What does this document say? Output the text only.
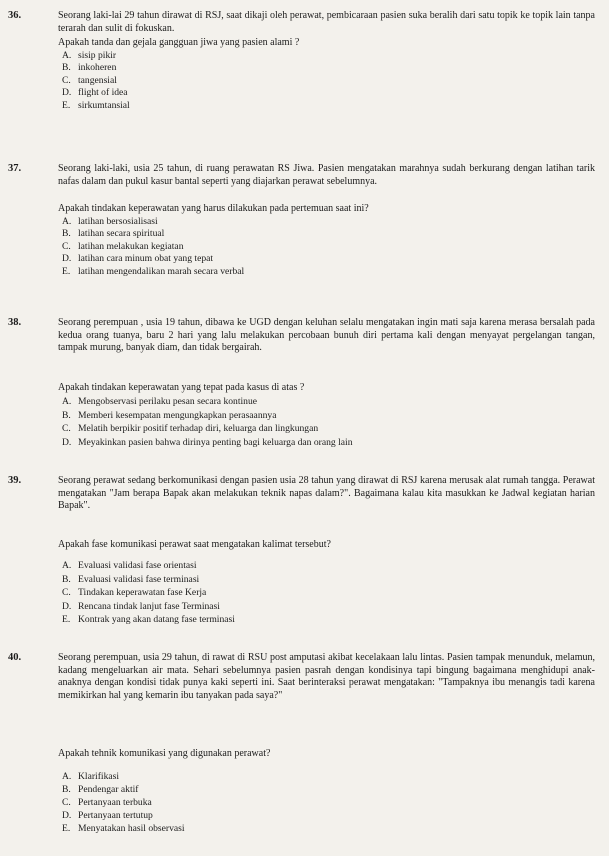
36.	Seorang laki-lai 29 tahun dirawat di RSJ, saat dikaji oleh perawat, pembicaraan pasien suka beralih dari satu topik ke topik lain tanpa terarah dan sulit di fokuskan.
Apakah tanda dan gejala gangguan jiwa yang pasien alami ?
A. sisip pikir
B. inkoheren
C. tangensial
D. flight of idea
E. sirkumtansial
37.	Seorang laki-laki, usia 25 tahun, di ruang perawatan RS Jiwa. Pasien mengatakan marahnya sudah berkurang dengan latihan tarik nafas dalam dan pukul kasur bantal seperti yang diajarkan perawat sebelumnya.
Apakah tindakan keperawatan yang harus dilakukan pada pertemuan saat ini?
A. latihan bersosialisasi
B. latihan secara spiritual
C. latihan melakukan kegiatan
D. latihan cara minum obat yang tepat
E. latihan mengendalikan marah secara verbal
38.	Seorang perempuan , usia 19 tahun, dibawa ke UGD dengan keluhan selalu mengatakan ingin mati saja karena merasa bersalah pada kedua orang tuanya, baru 2 hari yang lalu melakukan percobaan bunuh diri pertama kali dengan menyayat pergelangan tangan, tampak murung, banyak diam, dan tidak bergairah.
Apakah tindakan keperawatan yang tepat pada kasus di atas ?
A. Mengobservasi perilaku pesan secara kontinue
B. Memberi kesempatan mengungkapkan perasaannya
C. Melatih berpikir positif terhadap diri, keluarga dan lingkungan
D. Meyakinkan pasien bahwa dirinya penting bagi keluarga dan orang lain
39.	Seorang perawat sedang berkomunikasi dengan pasien usia 28 tahun yang dirawat di RSJ karena merusak alat rumah tangga. Perawat mengatakan "Jam berapa Bapak akan melakukan teknik napas dalam?". Bagaimana kalau kita masukkan ke Jadwal kegiatan harian Bapak".
Apakah fase komunikasi perawat saat mengatakan kalimat tersebut?
A. Evaluasi validasi fase orientasi
B. Evaluasi validasi fase terminasi
C. Tindakan keperawatan fase Kerja
D. Rencana tindak lanjut fase Terminasi
E. Kontrak yang akan datang fase terminasi
40.	Seorang perempuan, usia 29 tahun, di rawat di RSU post amputasi akibat kecelakaan lalu lintas. Pasien tampak menunduk, melamun, kadang mengeluarkan air mata. Sehari sebelumnya pasien pasrah dengan kondisinya tapi bingung bagaimana menghidupi anak-anaknya dengan kondisi tidak punya kaki seperti ini. Saat berinteraksi perawat mengatakan: "Tampaknya ibu menangis tadi karena memikirkan hal yang kemarin ibu tanyakan pada saya?"
Apakah tehnik komunikasi yang digunakan perawat?
A. Klarifikasi
B. Pendengar aktif
C. Pertanyaan terbuka
D. Pertanyaan tertutup
E. Menyatakan hasil observasi
